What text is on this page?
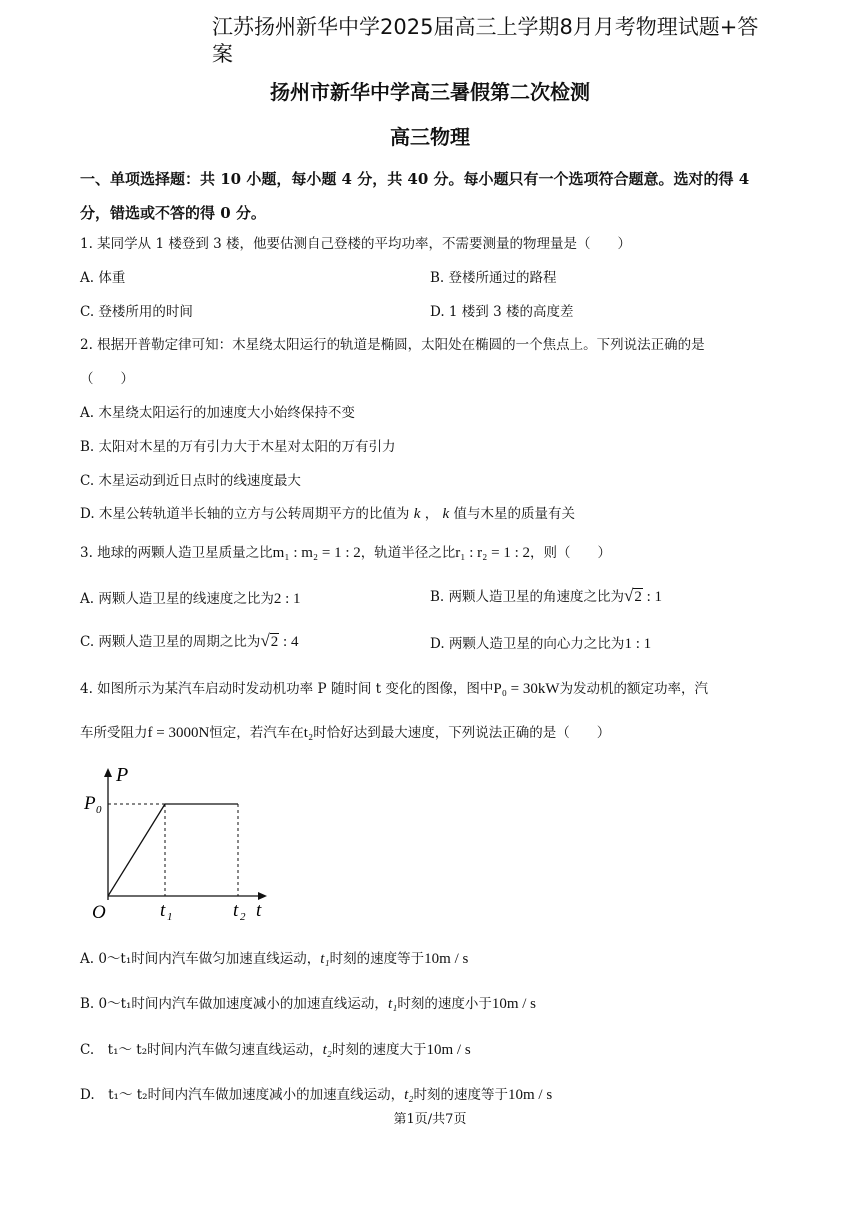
江苏扬州新华中学2025届高三上学期8月月考物理试题+答案
扬州市新华中学高三暑假第二次检测
高三物理
一、单项选择题：共 10 小题，每小题 4 分，共 40 分。每小题只有一个选项符合题意。选对的得 4 分，错选或不答的得 0 分。
1. 某同学从 1 楼登到 3 楼，他要估测自己登楼的平均功率，不需要测量的物理量是（　　）
A. 体重	B. 登楼所通过的路程
C. 登楼所用的时间	D. 1 楼到 3 楼的高度差
2. 根据开普勒定律可知：木星绕太阳运行的轨道是椭圆，太阳处在椭圆的一个焦点上。下列说法正确的是
（　　）
A. 木星绕太阳运行的加速度大小始终保持不变
B. 太阳对木星的万有引力大于木星对太阳的万有引力
C. 木星运动到近日点时的线速度最大
D. 木星公转轨道半长轴的立方与公转周期平方的比值为 k ， k 值与木星的质量有关
3. 地球的两颗人造卫星质量之比m₁ : m₂ = 1 : 2，轨道半径之比r₁ : r₂ = 1 : 2，则（　　）
A. 两颗人造卫星的线速度之比为2 : 1	B. 两颗人造卫星的角速度之比为√2 : 1
C. 两颗人造卫星的周期之比为√2 : 4	D. 两颗人造卫星的向心力之比为1 : 1
4. 如图所示为某汽车启动时发动机功率 P 随时间 t 变化的图像，图中P₀ = 30kW为发动机的额定功率，汽
车所受阻力f = 3000N恒定，若汽车在t₂时恰好达到最大速度，下列说法正确的是（　　）
P
P 0
O	t 1	t 2 t
A. 0～t₁时间内汽车做匀加速直线运动，t₁时刻的速度等于10m / s
B. 0～t₁时间内汽车做加速度减小的加速直线运动，t₁时刻的速度小于10m / s
C.　t₁～ t₂时间内汽车做匀速直线运动，t₂时刻的速度大于10m / s
D.　t₁～ t₂时间内汽车做加速度减小的加速直线运动，t₂时刻的速度等于10m / s
第1页/共7页
